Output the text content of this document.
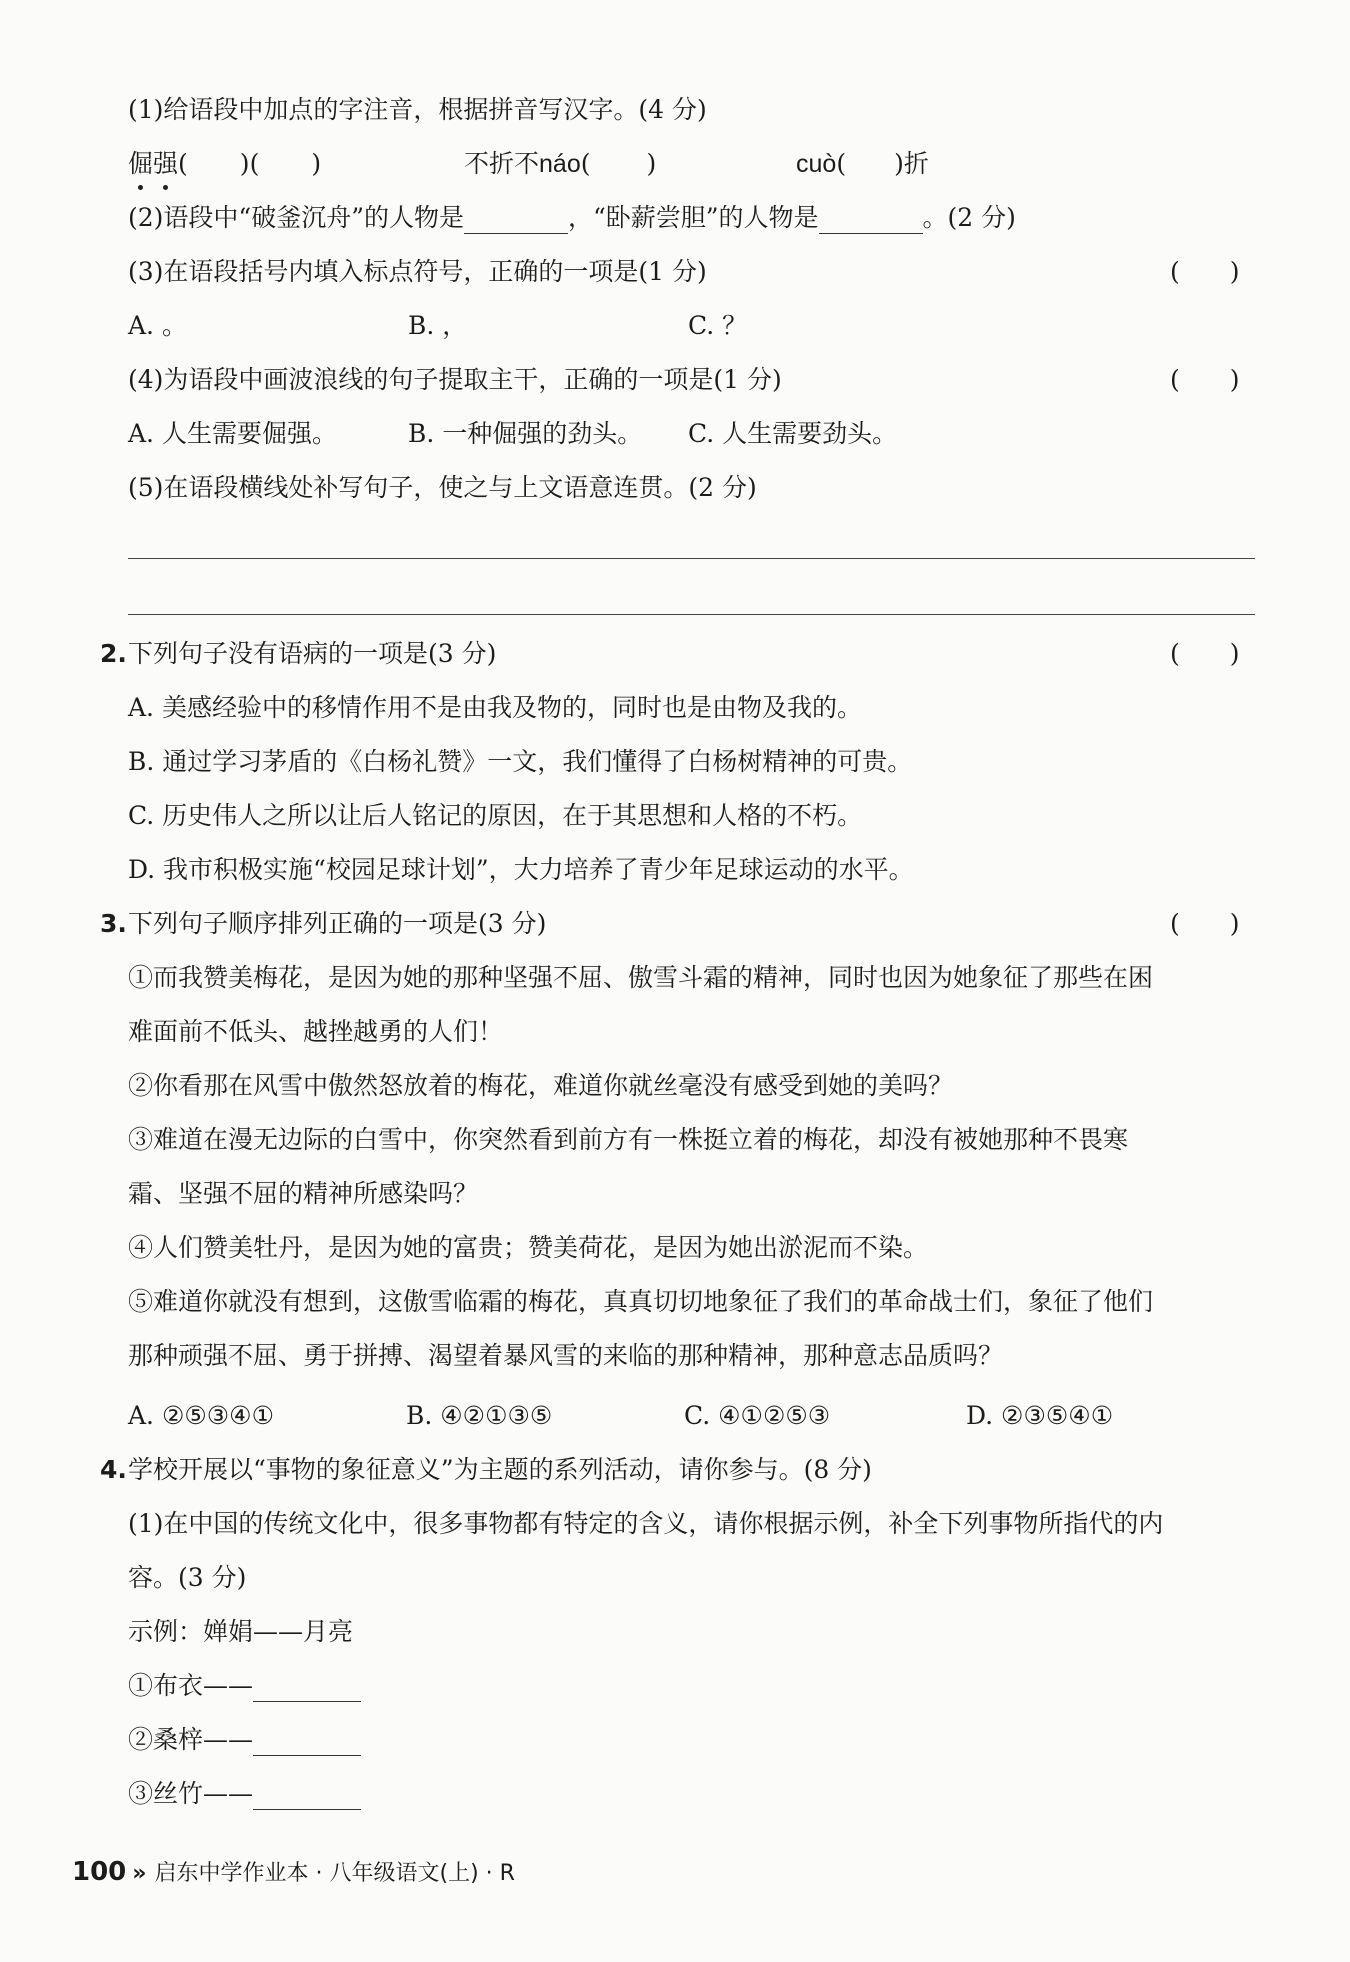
(1)给语段中加点的字注音，根据拼音写汉字。(4 分)
倔强( )( )	不折不náo( )	cuò( )折
(2)语段中“破釜沉舟”的人物是	，“卧薪尝胆”的人物是	。(2 分)
(3)在语段括号内填入标点符号，正确的一项是(1 分)	(　　)
A. 。	B. ，	C. ？
(4)为语段中画波浪线的句子提取主干，正确的一项是(1 分)	(　　)
A. 人生需要倔强。	B. 一种倔强的劲头。 C. 人生需要劲头。
(5)在语段横线处补写句子，使之与上文语意连贯。(2 分)
2.下列句子没有语病的一项是(3 分)	(　　)
A. 美感经验中的移情作用不是由我及物的，同时也是由物及我的。
B. 通过学习茅盾的《白杨礼赞》一文，我们懂得了白杨树精神的可贵。
C. 历史伟人之所以让后人铭记的原因，在于其思想和人格的不朽。
D. 我市积极实施“校园足球计划”，大力培养了青少年足球运动的水平。
3.下列句子顺序排列正确的一项是(3 分)	(　　)
①而我赞美梅花，是因为她的那种坚强不屈、傲雪斗霜的精神，同时也因为她象征了那些在困
难面前不低头、越挫越勇的人们！
②你看那在风雪中傲然怒放着的梅花，难道你就丝毫没有感受到她的美吗？
③难道在漫无边际的白雪中，你突然看到前方有一株挺立着的梅花，却没有被她那种不畏寒
霜、坚强不屈的精神所感染吗？
④人们赞美牡丹，是因为她的富贵；赞美荷花，是因为她出淤泥而不染。
⑤难道你就没有想到，这傲雪临霜的梅花，真真切切地象征了我们的革命战士们，象征了他们
那种顽强不屈、勇于拼搏、渴望着暴风雪的来临的那种精神，那种意志品质吗？
A. ②⑤③④①	B. ④②①③⑤	C. ④①②⑤③	D. ②③⑤④①
4.学校开展以“事物的象征意义”为主题的系列活动，请你参与。(8 分)
(1)在中国的传统文化中，很多事物都有特定的含义，请你根据示例，补全下列事物所指代的内
容。(3 分)
示例：婵娟——月亮
①布衣——
②桑梓——
③丝竹——
100 » 启东中学作业本 · 八年级语文(上) · R
